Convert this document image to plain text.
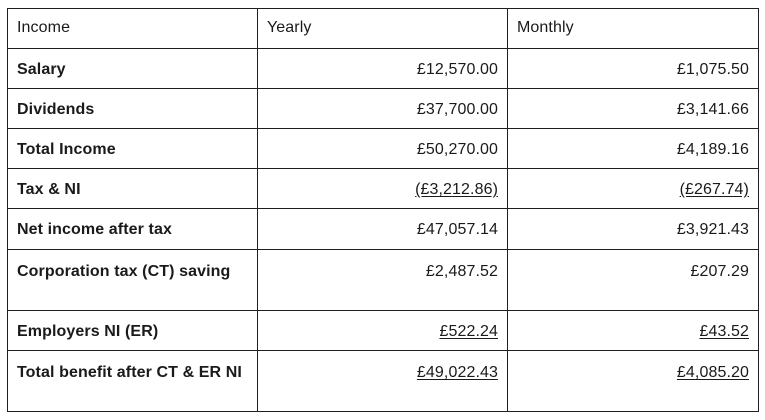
Income	Yearly	Monthly
Salary	£12,570.00	£1,075.50
Dividends	£37,700.00	£3,141.66
Total Income	£50,270.00	£4,189.16
Tax & NI	(£3,212.86)	(£267.74)
Net income after tax	£47,057.14	£3,921.43
Corporation tax (CT) saving	£2,487.52	£207.29
Employers NI (ER)	£522.24	£43.52
Total benefit after CT & ER NI	£49,022.43	£4,085.20
